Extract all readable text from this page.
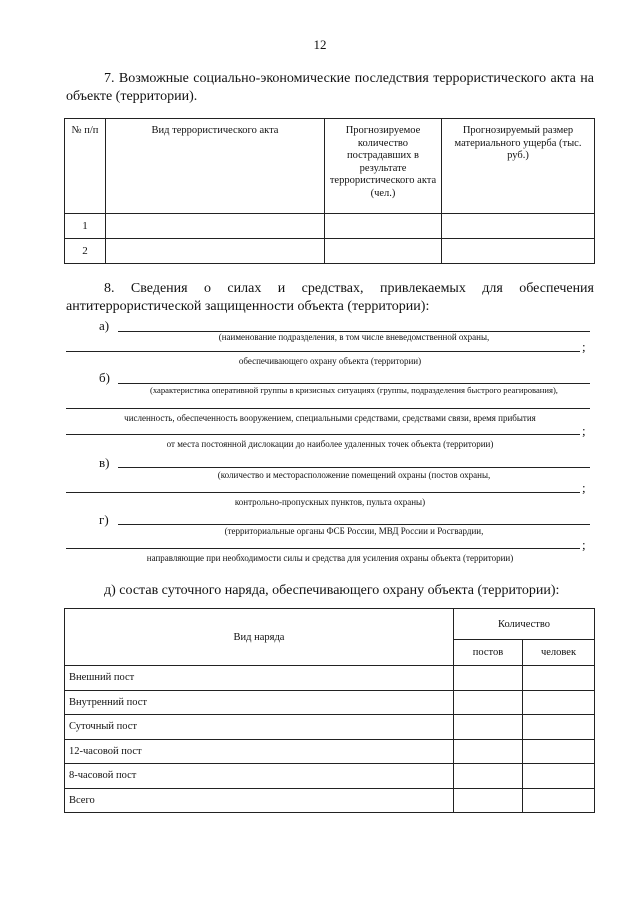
12
7. Возможные социально-экономические последствия террористического акта на объекте (территории).
№ п/п	Вид террористического акта	Прогнозируемое количество пострадавших в результате террористического акта (чел.)	Прогнозируемый размер материального ущерба (тыс. руб.)
1			
2			
8. Сведения о силах и средствах, привлекаемых для обеспечения
антитеррористической защищенности объекта (территории):
а)
(наименование подразделения, в том числе вневедомственной охраны,
;
обеспечивающего охрану объекта (территории)
б)
(характеристика оперативной группы в кризисных ситуациях (группы, подразделения быстрого реагирования),
численность, обеспеченность вооружением, специальными средствами, средствами связи, время прибытия
;
от места постоянной дислокации до наиболее удаленных точек объекта (территории)
в)
(количество и месторасположение помещений охраны (постов охраны,
;
контрольно-пропускных пунктов, пульта охраны)
г)
(территориальные органы ФСБ России, МВД России и Росгвардии,
;
направляющие при необходимости силы и средства для усиления охраны объекта (территории)
д) состав суточного наряда, обеспечивающего охрану объекта (территории):
Вид наряда	Количество	
	постов	человек
Внешний пост		
Внутренний пост		
Суточный пост		
12-часовой пост		
8-часовой пост		
Всего		
